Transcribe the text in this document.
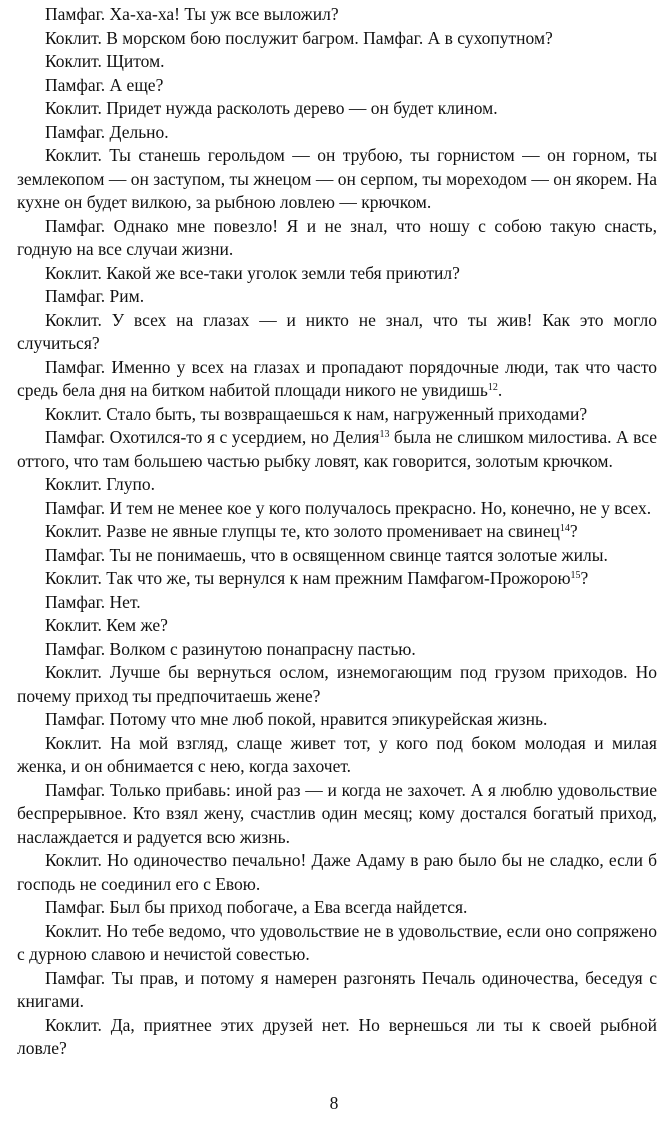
Памфаг. Ха-ха-ха! Ты уж все выложил?

Коклит. В морском бою послужит багром. Памфаг. А в сухопутном?

Коклит. Щитом.

Памфаг. А еще?

Коклит. Придет нужда расколоть дерево — он будет клином.

Памфаг. Дельно.

Коклит. Ты станешь герольдом — он трубою, ты горнистом — он горном, ты землекопом — он заступом, ты жнецом — он серпом, ты мореходом — он якорем. На кухне он будет вилкою, за рыбною ловлею — крючком.

Памфаг. Однако мне повезло! Я и не знал, что ношу с собою такую снасть, годную на все случаи жизни.

Коклит. Какой же все-таки уголок земли тебя приютил?

Памфаг. Рим.

Коклит. У всех на глазах — и никто не знал, что ты жив! Как это могло случиться?

Памфаг. Именно у всех на глазах и пропадают порядочные люди, так что часто средь бела дня на битком набитой площади никого не увидишь$^{12}$.

Коклит. Стало быть, ты возвращаешься к нам, нагруженный приходами?

Памфаг. Охотился-то я с усердием, но Делия$^{13}$ была не слишком милостива. А все оттого, что там большею частью рыбку ловят, как говорится, золотым крючком.

Коклит. Глупо.

Памфаг. И тем не менее кое у кого получалось прекрасно. Но, конечно, не у всех.

Коклит. Разве не явные глупцы те, кто золото променивает на свинец$^{14}$?

Памфаг. Ты не понимаешь, что в освященном свинце таятся золотые жилы.

Коклит. Так что же, ты вернулся к нам прежним Памфагом-Прожорою$^{15}$?

Памфаг. Нет.

Коклит. Кем же?

Памфаг. Волком с разинутою понапрасну пастью.

Коклит. Лучше бы вернуться ослом, изнемогающим под грузом приходов. Но почему приход ты предпочитаешь жене?

Памфаг. Потому что мне люб покой, нравится эпикурейская жизнь.

Коклит. На мой взгляд, слаще живет тот, у кого под боком молодая и милая женка, и он обнимается с нею, когда захочет.

Памфаг. Только прибавь: иной раз — и когда не захочет. А я люблю удовольствие беспрерывное. Кто взял жену, счастлив один месяц; кому достался богатый приход, наслаждается и радуется всю жизнь.

Коклит. Но одиночество печально! Даже Адаму в раю было бы не сладко, если б господь не соединил его с Евою.

Памфаг. Был бы приход побогаче, а Ева всегда найдется.

Коклит. Но тебе ведомо, что удовольствие не в удовольствие, если оно сопряжено с дурною славою и нечистой совестью.

Памфаг. Ты прав, и потому я намерен разгонять Печаль одиночества, беседуя с книгами.

Коклит. Да, приятнее этих друзей нет. Но вернешься ли ты к своей рыбной ловле?

8
